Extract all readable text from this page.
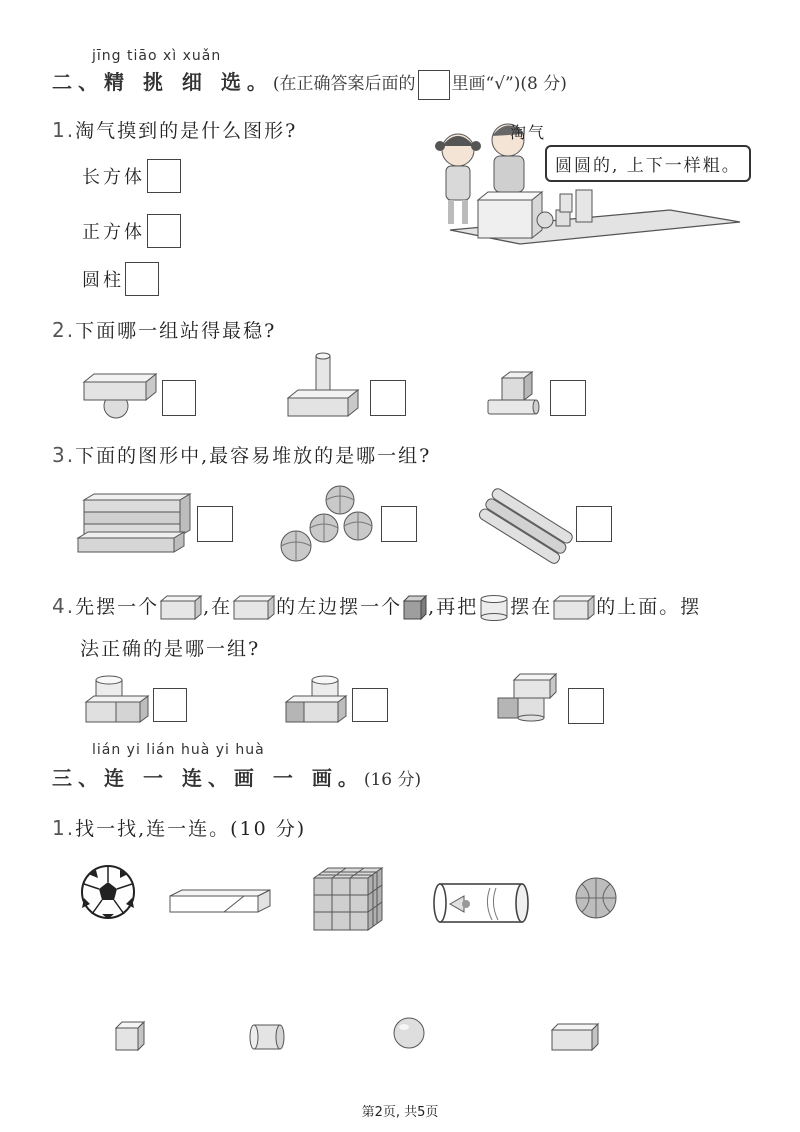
jīng tiāo xì xuǎn
二、精 挑 细 选。(在正确答案后面的 里画“√”)(8 分)
1.淘气摸到的是什么图形?
长方体
正方体
圆柱
淘气
圆圆的, 上下一样粗。
2.下面哪一组站得最稳?
3.下面的图形中,最容易堆放的是哪一组?
4.先摆一个 ,在 的左边摆一个 ,再把 摆在 的上面。摆
法正确的是哪一组?
lián yi lián huà yi huà
三、连 一 连、画 一 画。(16 分)
1.找一找,连一连。(10 分)
第2页, 共5页
